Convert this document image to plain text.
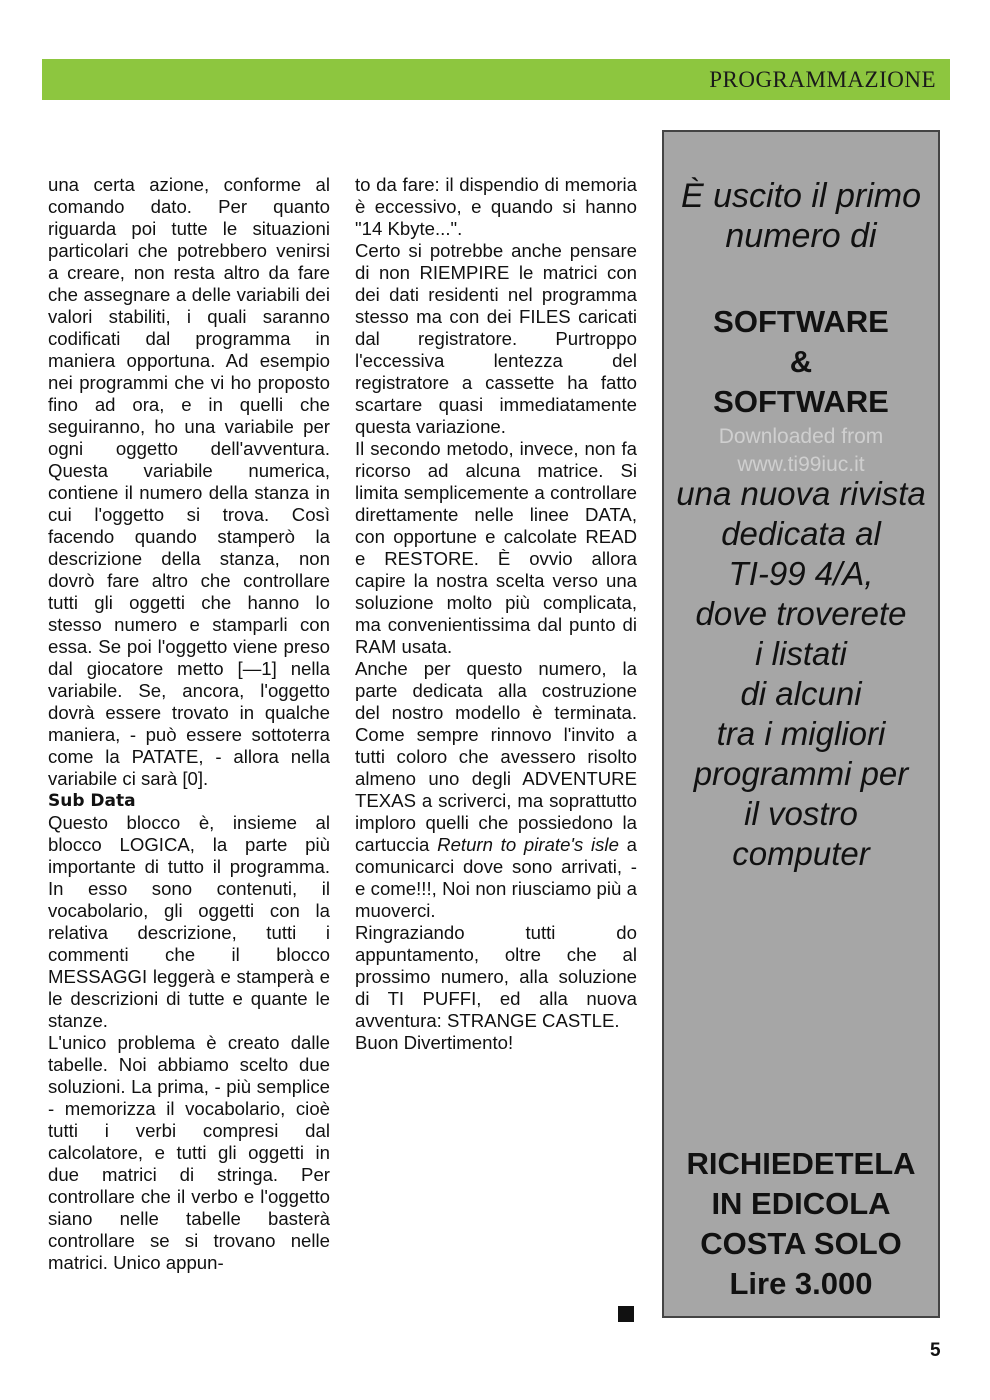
PROGRAMMAZIONE

una certa azione, conforme al comando dato. Per quanto riguarda poi tutte le situazioni particolari che potrebbero venirsi a creare, non resta altro da fare che assegnare a delle variabili dei valori stabiliti, i quali saranno codificati dal programma in maniera opportuna. Ad esempio nei programmi che vi ho proposto fino ad ora, e in quelli che seguiranno, ho una variabile per ogni oggetto dell'avventura. Questa variabile numerica, contiene il numero della stanza in cui l'oggetto si trova. Così facendo quando stamperò la descrizione della stanza, non dovrò fare altro che controllare tutti gli oggetti che hanno lo stesso numero e stamparli con essa. Se poi l'oggetto viene preso dal giocatore metto [—1] nella variabile. Se, ancora, l'oggetto dovrà essere trovato in qualche maniera, - può essere sottoterra come la PATATE, - allora nella variabile ci sarà [0].

Sub Data

Questo blocco è, insieme al blocco LOGICA, la parte più importante di tutto il programma. In esso sono contenuti, il vocabolario, gli oggetti con la relativa descrizione, tutti i commenti che il blocco MESSAGGI leggerà e stamperà e le descrizioni di tutte e quante le stanze.

L'unico problema è creato dalle tabelle. Noi abbiamo scelto due soluzioni. La prima, - più semplice - memorizza il vocabolario, cioè tutti i verbi compresi dal calcolatore, e tutti gli oggetti in due matrici di stringa. Per controllare che il verbo e l'oggetto siano nelle tabelle basterà controllare se si trovano nelle matrici. Unico appun-

to da fare: il dispendio di memoria è eccessivo, e quando si hanno "14 Kbyte...".

Certo si potrebbe anche pensare di non RIEMPIRE le matrici con dei dati residenti nel programma stesso ma con dei FILES caricati dal registratore. Purtroppo l'eccessiva lentezza del registratore a cassette ha fatto scartare quasi immediatamente questa variazione.

Il secondo metodo, invece, non fa ricorso ad alcuna matrice. Si limita semplicemente a controllare direttamente nelle linee DATA, con opportune e calcolate READ e RESTORE. È ovvio allora capire la nostra scelta verso una soluzione molto più complicata, ma convenientissima dal punto di RAM usata.

Anche per questo numero, la parte dedicata alla costruzione del nostro modello è terminata. Come sempre rinnovo l'invito a tutti coloro che avessero risolto almeno uno degli ADVENTURE TEXAS a scriverci, ma soprattutto imploro quelli che possiedono la cartuccia Return to pirate's isle a comunicarci dove sono arrivati, - e come!!!, Noi non riusciamo più a muoverci.

Ringraziando tutti do appuntamento, oltre che al prossimo numero, alla soluzione di TI PUFFI, ed alla nuova avventura: STRANGE CASTLE.

Buon Divertimento!

È uscito il primo
numero di
SOFTWARE
&
SOFTWARE
Downloaded from
www.ti99iuc.it
una nuova rivista
dedicata al
TI-99 4/A,
dove troverete
i listati
di alcuni
tra i migliori
programmi per
il vostro
computer
RICHIEDETELA
IN EDICOLA
COSTA SOLO
Lire 3.000
5
